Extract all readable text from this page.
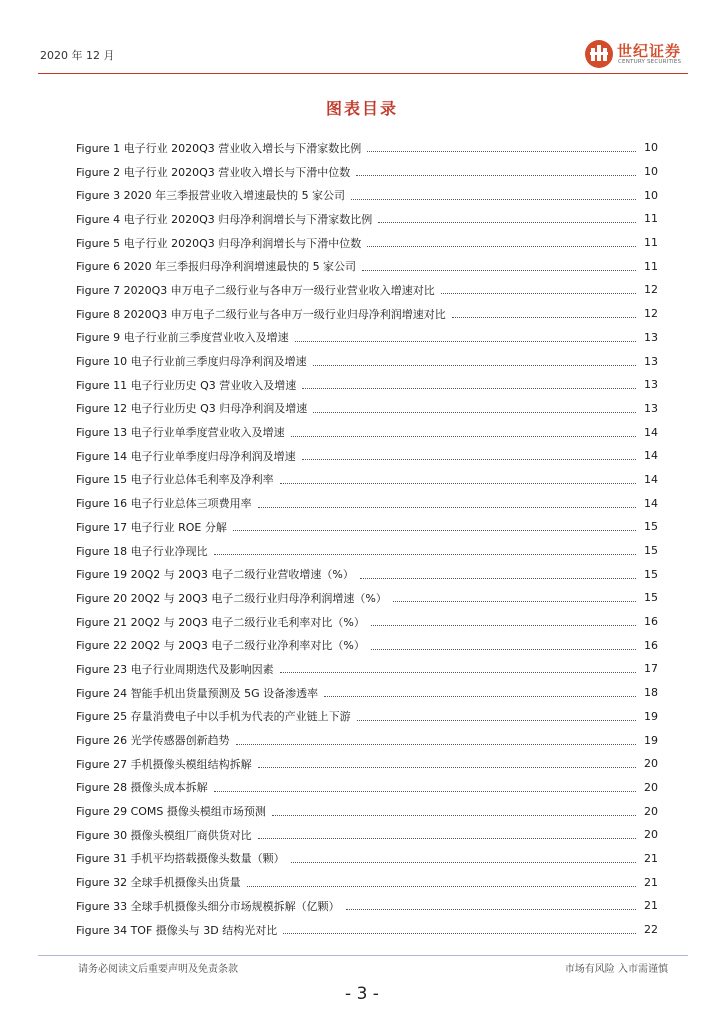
2020 年 12 月	世纪证券
CENTURY SECURITIES
图表目录
Figure 1 电子行业 2020Q3 营业收入增长与下滑家数比例	10
Figure 2 电子行业 2020Q3 营业收入增长与下滑中位数	10
Figure 3 2020 年三季报营业收入增速最快的 5 家公司	10
Figure 4 电子行业 2020Q3 归母净利润增长与下滑家数比例	11
Figure 5 电子行业 2020Q3 归母净利润增长与下滑中位数	11
Figure 6 2020 年三季报归母净利润增速最快的 5 家公司	11
Figure 7 2020Q3 申万电子二级行业与各申万一级行业营业收入增速对比	12
Figure 8 2020Q3 申万电子二级行业与各申万一级行业归母净利润增速对比	12
Figure 9 电子行业前三季度营业收入及增速	13
Figure 10 电子行业前三季度归母净利润及增速	13
Figure 11 电子行业历史 Q3 营业收入及增速	13
Figure 12 电子行业历史 Q3 归母净利润及增速	13
Figure 13 电子行业单季度营业收入及增速	14
Figure 14 电子行业单季度归母净利润及增速	14
Figure 15 电子行业总体毛利率及净利率	14
Figure 16 电子行业总体三项费用率	14
Figure 17 电子行业 ROE 分解	15
Figure 18 电子行业净现比	15
Figure 19 20Q2 与 20Q3 电子二级行业营收增速（%）	15
Figure 20 20Q2 与 20Q3 电子二级行业归母净利润增速（%）	15
Figure 21 20Q2 与 20Q3 电子二级行业毛利率对比（%）	16
Figure 22 20Q2 与 20Q3 电子二级行业净利率对比（%）	16
Figure 23 电子行业周期迭代及影响因素	17
Figure 24 智能手机出货量预测及 5G 设备渗透率	18
Figure 25 存量消费电子中以手机为代表的产业链上下游	19
Figure 26 光学传感器创新趋势	19
Figure 27 手机摄像头模组结构拆解	20
Figure 28 摄像头成本拆解	20
Figure 29 COMS 摄像头模组市场预测	20
Figure 30 摄像头模组厂商供货对比	20
Figure 31 手机平均搭载摄像头数量（颗）	21
Figure 32 全球手机摄像头出货量	21
Figure 33 全球手机摄像头细分市场规模拆解（亿颗）	21
Figure 34 TOF 摄像头与 3D 结构光对比	22
请务必阅读文后重要声明及免责条款	市场有风险 入市需谨慎
- 3 -
